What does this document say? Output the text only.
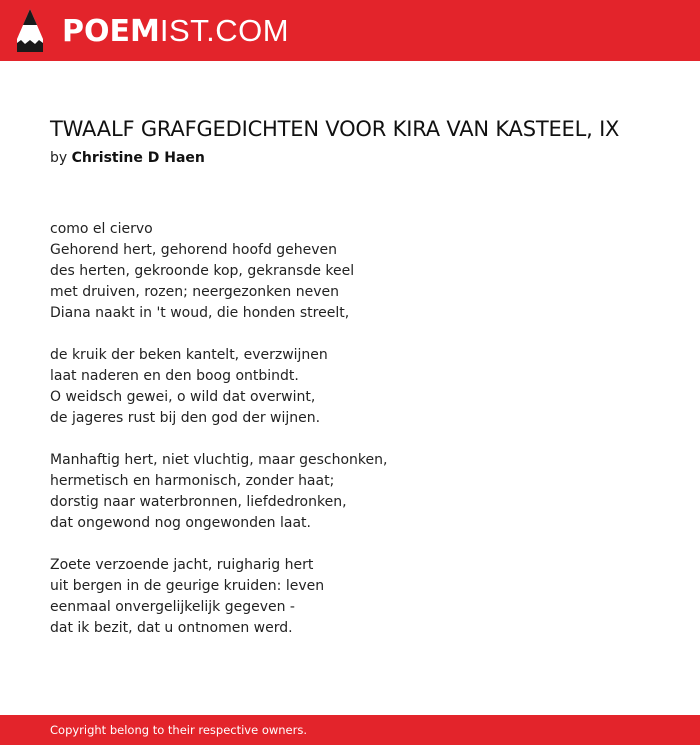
POEMIST.COM
TWAALF GRAFGEDICHTEN VOOR KIRA VAN KASTEEL, IX
by Christine D Haen
como el ciervo
Gehorend hert, gehorend hoofd geheven
des herten, gekroonde kop, gekransde keel
met druiven, rozen; neergezonken neven
Diana naakt in 't woud, die honden streelt,
de kruik der beken kantelt, everzwijnen
laat naderen en den boog ontbindt.
O weidsch gewei, o wild dat overwint,
de jageres rust bij den god der wijnen.
Manhaftig hert, niet vluchtig, maar geschonken,
hermetisch en harmonisch, zonder haat;
dorstig naar waterbronnen, liefdedronken,
dat ongewond nog ongewonden laat.
Zoete verzoende jacht, ruigharig hert
uit bergen in de geurige kruiden: leven
eenmaal onvergelijkelijk gegeven -
dat ik bezit, dat u ontnomen werd.
Copyright belong to their respective owners.
